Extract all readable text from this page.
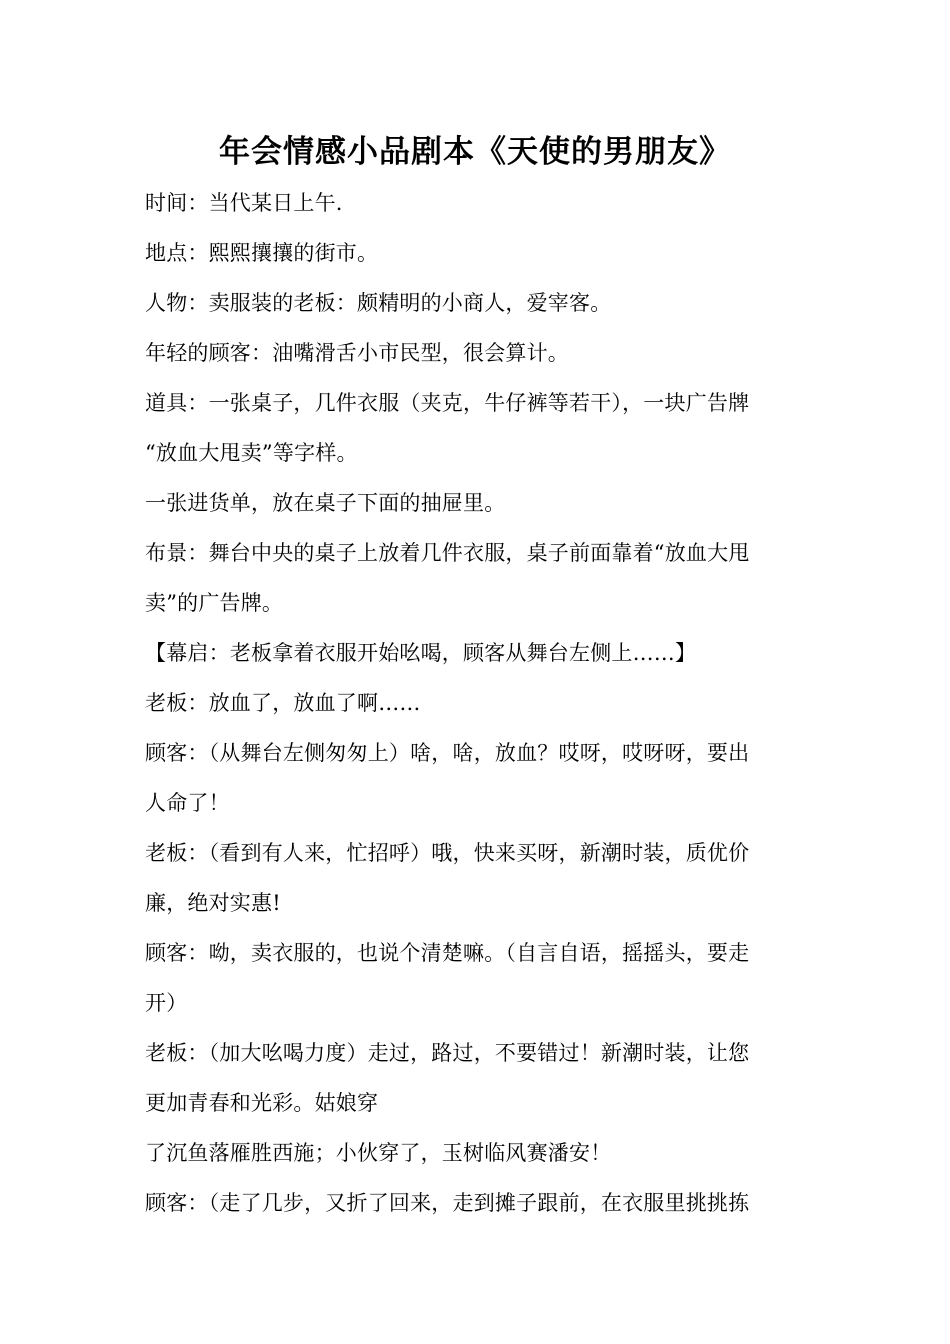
年会情感小品剧本《天使的男朋友》
时间：当代某日上午.
地点：熙熙攘攘的街市。
人物：卖服装的老板：颇精明的小商人，爱宰客。
年轻的顾客：油嘴滑舌小市民型，很会算计。
道具：一张桌子，几件衣服（夹克，牛仔裤等若干），一块广告牌
“放血大甩卖”等字样。
一张进货单，放在桌子下面的抽屉里。
布景：舞台中央的桌子上放着几件衣服，桌子前面靠着“放血大甩
卖”的广告牌。
【幕启：老板拿着衣服开始吆喝，顾客从舞台左侧上……】
老板：放血了，放血了啊……
顾客：（从舞台左侧匆匆上）啥，啥，放血？哎呀，哎呀呀，要出
人命了！
老板：（看到有人来，忙招呼）哦，快来买呀，新潮时装，质优价
廉，绝对实惠!
顾客：呦，卖衣服的，也说个清楚嘛。（自言自语，摇摇头，要走
开）
老板：（加大吆喝力度）走过，路过，不要错过！新潮时装，让您
更加青春和光彩。姑娘穿
了沉鱼落雁胜西施；小伙穿了，玉树临风赛潘安！
顾客：（走了几步，又折了回来，走到摊子跟前，在衣服里挑挑拣
